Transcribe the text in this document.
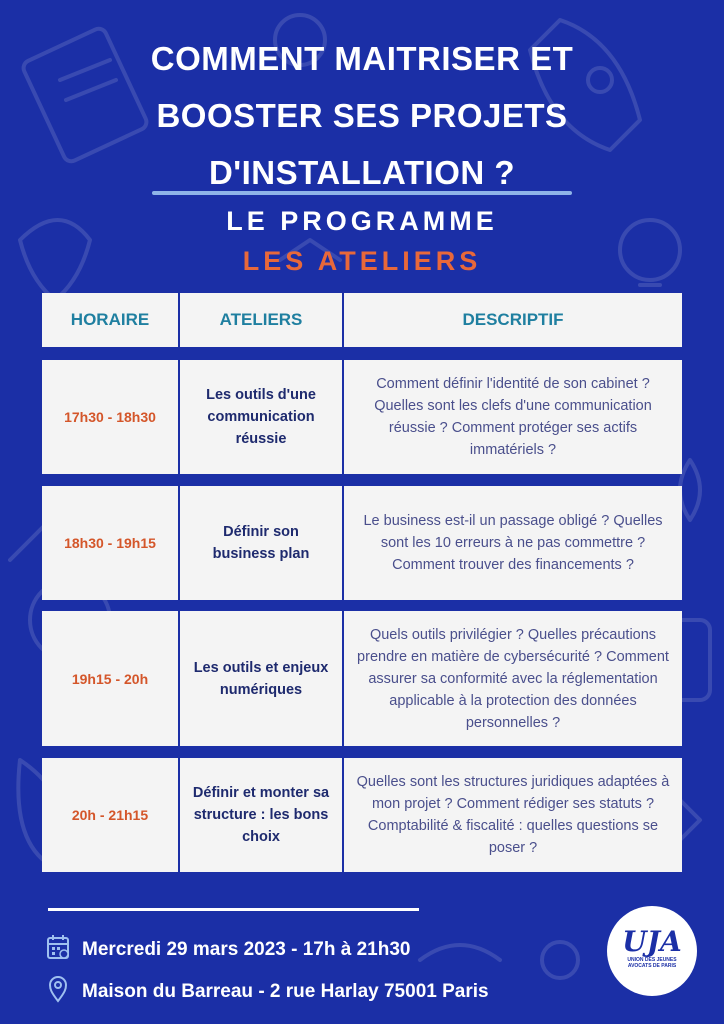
COMMENT MAITRISER ET
BOOSTER SES PROJETS
D'INSTALLATION ?
LE PROGRAMME
LES ATELIERS
HORAIRE	ATELIERS	DESCRIPTIF
17h30 - 18h30
Les outils d'une communication réussie
Comment définir l'identité de son cabinet ? Quelles sont les clefs d'une communication réussie ? Comment protéger ses actifs immatériels ?
18h30 - 19h15
Définir son business plan
Le business est-il un passage obligé ? Quelles sont les 10 erreurs à ne pas commettre ? Comment trouver des financements ?
19h15 - 20h
Les outils et enjeux numériques
Quels outils privilégier ? Quelles précautions prendre en matière de cybersécurité ? Comment assurer sa conformité avec la réglementation applicable à la protection des données personnelles ?
20h - 21h15
Définir et monter sa structure : les bons choix
Quelles sont les structures juridiques adaptées à mon projet ? Comment rédiger ses statuts ? Comptabilité & fiscalité : quelles questions se poser ?
Mercredi 29 mars 2023 - 17h à 21h30
Maison du Barreau - 2 rue Harlay 75001 Paris
UJA
UNION DES JEUNES AVOCATS DE PARIS
